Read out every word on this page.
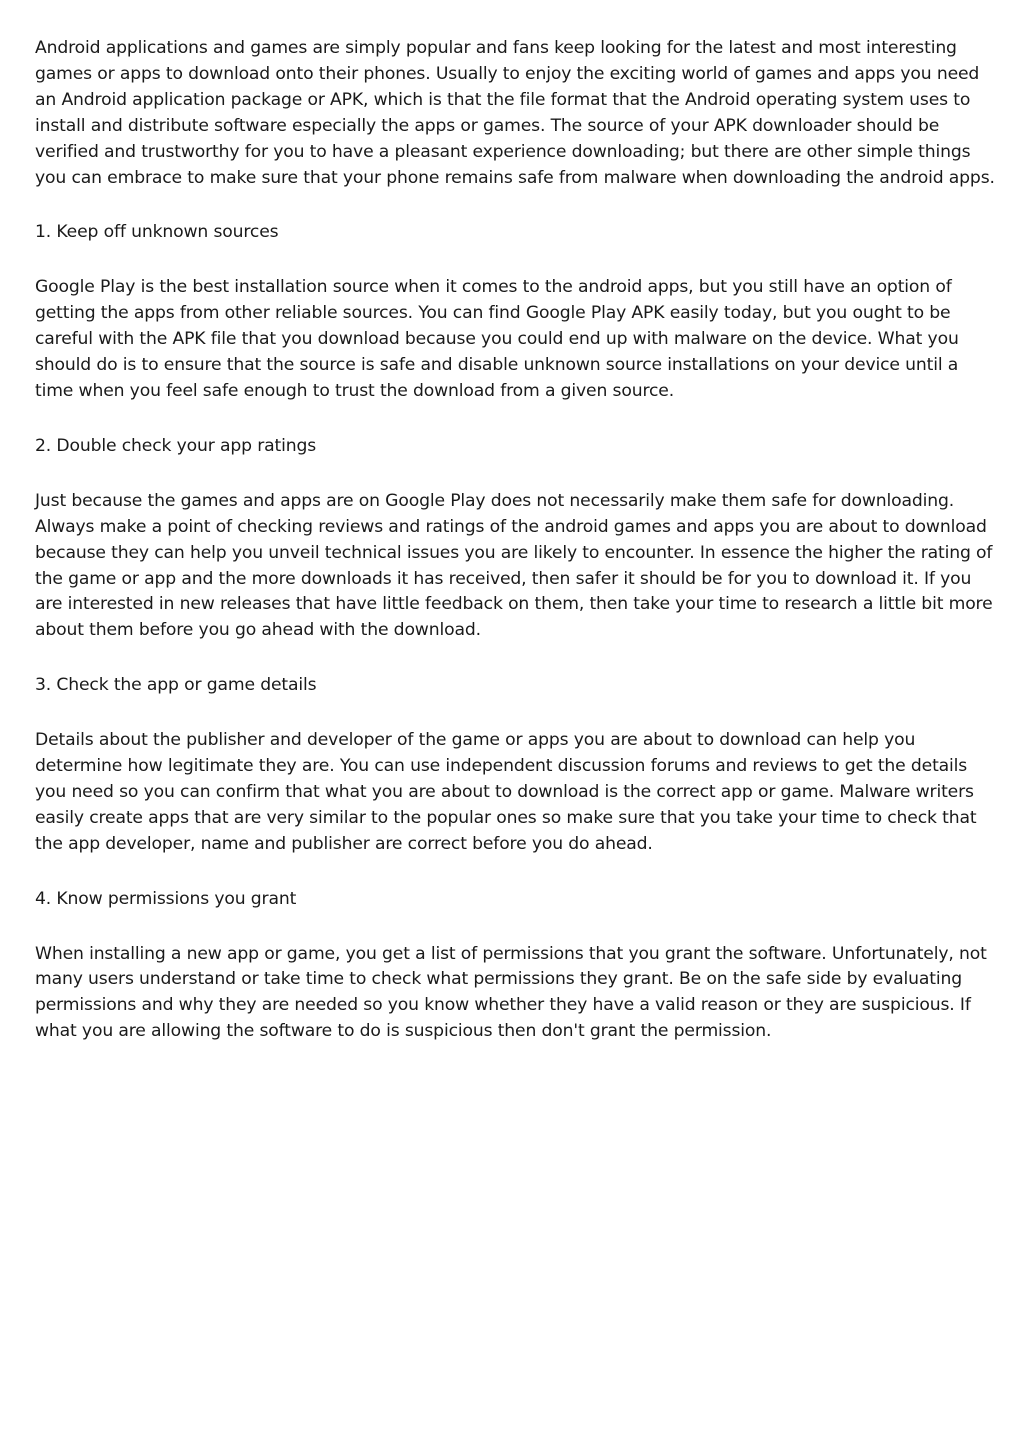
Android applications and games are simply popular and fans keep looking for the latest and most interesting games or apps to download onto their phones. Usually to enjoy the exciting world of games and apps you need an Android application package or APK, which is that the file format that the Android operating system uses to install and distribute software especially the apps or games. The source of your APK downloader should be verified and trustworthy for you to have a pleasant experience downloading; but there are other simple things you can embrace to make sure that your phone remains safe from malware when downloading the android apps.

1. Keep off unknown sources

Google Play is the best installation source when it comes to the android apps, but you still have an option of getting the apps from other reliable sources. You can find Google Play APK easily today, but you ought to be careful with the APK file that you download because you could end up with malware on the device. What you should do is to ensure that the source is safe and disable unknown source installations on your device until a time when you feel safe enough to trust the download from a given source.

2. Double check your app ratings

Just because the games and apps are on Google Play does not necessarily make them safe for downloading. Always make a point of checking reviews and ratings of the android games and apps you are about to download because they can help you unveil technical issues you are likely to encounter. In essence the higher the rating of the game or app and the more downloads it has received, then safer it should be for you to download it. If you are interested in new releases that have little feedback on them, then take your time to research a little bit more about them before you go ahead with the download.

3. Check the app or game details

Details about the publisher and developer of the game or apps you are about to download can help you determine how legitimate they are. You can use independent discussion forums and reviews to get the details you need so you can confirm that what you are about to download is the correct app or game. Malware writers easily create apps that are very similar to the popular ones so make sure that you take your time to check that the app developer, name and publisher are correct before you do ahead.

4. Know permissions you grant

When installing a new app or game, you get a list of permissions that you grant the software. Unfortunately, not many users understand or take time to check what permissions they grant. Be on the safe side by evaluating permissions and why they are needed so you know whether they have a valid reason or they are suspicious. If what you are allowing the software to do is suspicious then don't grant the permission.
